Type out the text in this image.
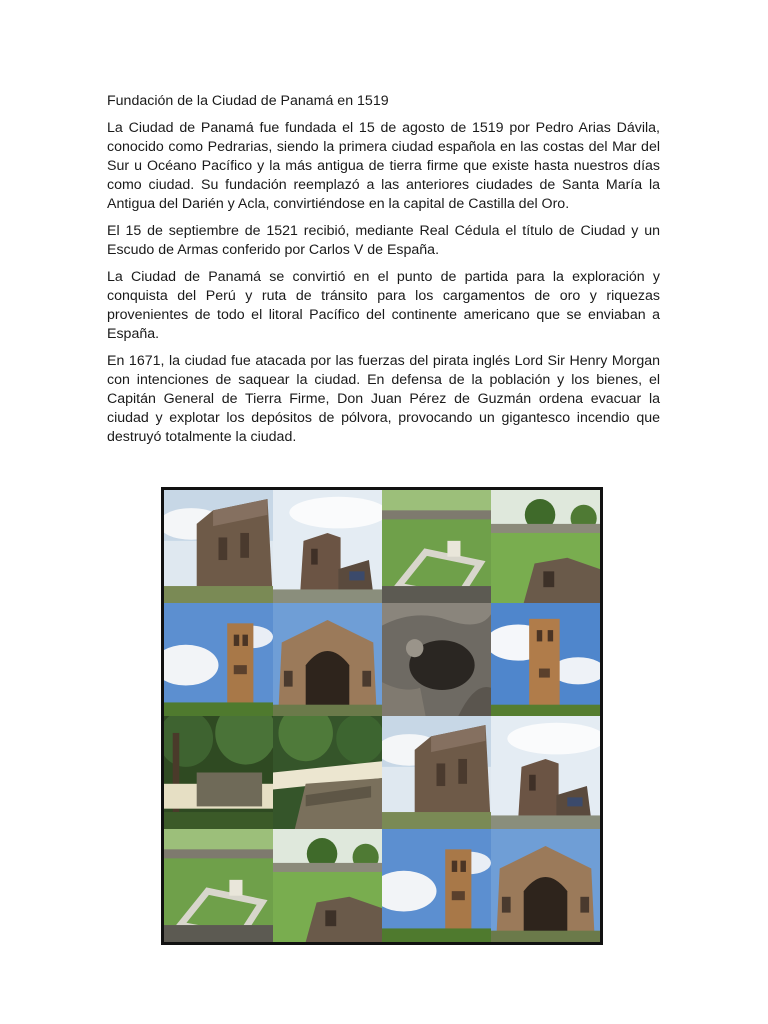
Fundación de la Ciudad de Panamá en 1519

La Ciudad de Panamá fue fundada el 15 de agosto de 1519 por Pedro Arias Dávila, conocido como Pedrarias, siendo la primera ciudad española en las costas del Mar del Sur u Océano Pacífico y la más antigua de tierra firme que existe hasta nuestros días como ciudad. Su fundación reemplazó a las anteriores ciudades de Santa María la Antigua del Darién y Acla, convirtiéndose en la capital de Castilla del Oro.

El 15 de septiembre de 1521 recibió, mediante Real Cédula el título de Ciudad y un Escudo de Armas conferido por Carlos V de España.

La Ciudad de Panamá se convirtió en el punto de partida para la exploración y conquista del Perú y ruta de tránsito para los cargamentos de oro y riquezas provenientes de todo el litoral Pacífico del continente americano que se enviaban a España.

En 1671, la ciudad fue atacada por las fuerzas del pirata inglés Lord Sir Henry Morgan con intenciones de saquear la ciudad. En defensa de la población y los bienes, el Capitán General de Tierra Firme, Don Juan Pérez de Guzmán ordena evacuar la ciudad y explotar los depósitos de pólvora, provocando un gigantesco incendio que destruyó totalmente la ciudad.
